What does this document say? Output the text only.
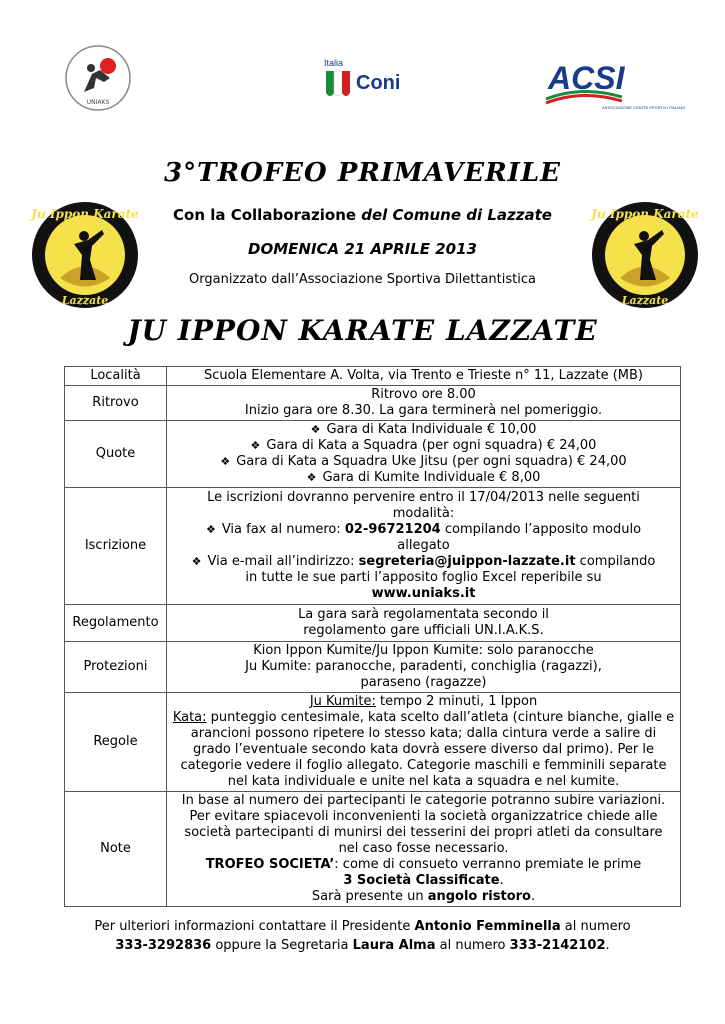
UNIAKS
Italia
Coni	ACSI
ASSOCIAZIONE CENTRI SPORTIVI ITALIANI
Ju Ippon Karate
Lazzate
Ju Ippon Karate
Lazzate
3°TROFEO PRIMAVERILE
Con la Collaborazione del Comune di Lazzate
DOMENICA 21 APRILE 2013
Organizzato dall’Associazione Sportiva Dilettantistica
JU IPPON KARATE LAZZATE
Località	Scuola Elementare A. Volta, via Trento e Trieste n° 11, Lazzate (MB)
Ritrovo	Ritrovo ore 8.00
Inizio gara ore 8.30. La gara terminerà nel pomeriggio.

Quote	❖ Gara di Kata Individuale € 10,00
❖ Gara di Kata a Squadra (per ogni squadra) € 24,00
❖ Gara di Kata a Squadra Uke Jitsu (per ogni squadra) € 24,00
❖ Gara di Kumite Individuale € 8,00

Iscrizione	Le iscrizioni dovranno pervenire entro il 17/04/2013 nelle seguenti modalità:
❖ Via fax al numero: 02-96721204 compilando l’apposito modulo allegato
❖ Via e-mail all’indirizzo: segreteria@juippon-lazzate.it compilando in tutte le sue parti l’apposito foglio Excel reperibile su
www.uniaks.it

Regolamento	La gara sarà regolamentata secondo il regolamento gare ufficiali UN.I.A.K.S.
Protezioni	Kion Ippon Kumite/Ju Ippon Kumite: solo paranocche
Ju Kumite: paranocche, paradenti, conchiglia (ragazzi), paraseno (ragazze)

Regole	Ju Kumite: tempo 2 minuti, 1 Ippon
Kata: punteggio centesimale, kata scelto dall’atleta (cinture bianche, gialle e arancioni possono ripetere lo stesso kata; dalla cintura verde a salire di grado l’eventuale secondo kata dovrà essere diverso dal primo). Per le categorie vedere il foglio allegato. Categorie maschili e femminili separate nel kata individuale e unite nel kata a squadra e nel kumite.

Note	In base al numero dei partecipanti le categorie potranno subire variazioni. Per evitare spiacevoli inconvenienti la società organizzatrice chiede alle società partecipanti di munirsi dei tesserini dei propri atleti da consultare nel caso fosse necessario.
TROFEO SOCIETA’: come di consueto verranno premiate le prime
3 Società Classificate.
Sarà presente un angolo ristoro.
Per ulteriori informazioni contattare il Presidente Antonio Femminella al numero
333-3292836 oppure la Segretaria Laura Alma al numero 333-2142102.
